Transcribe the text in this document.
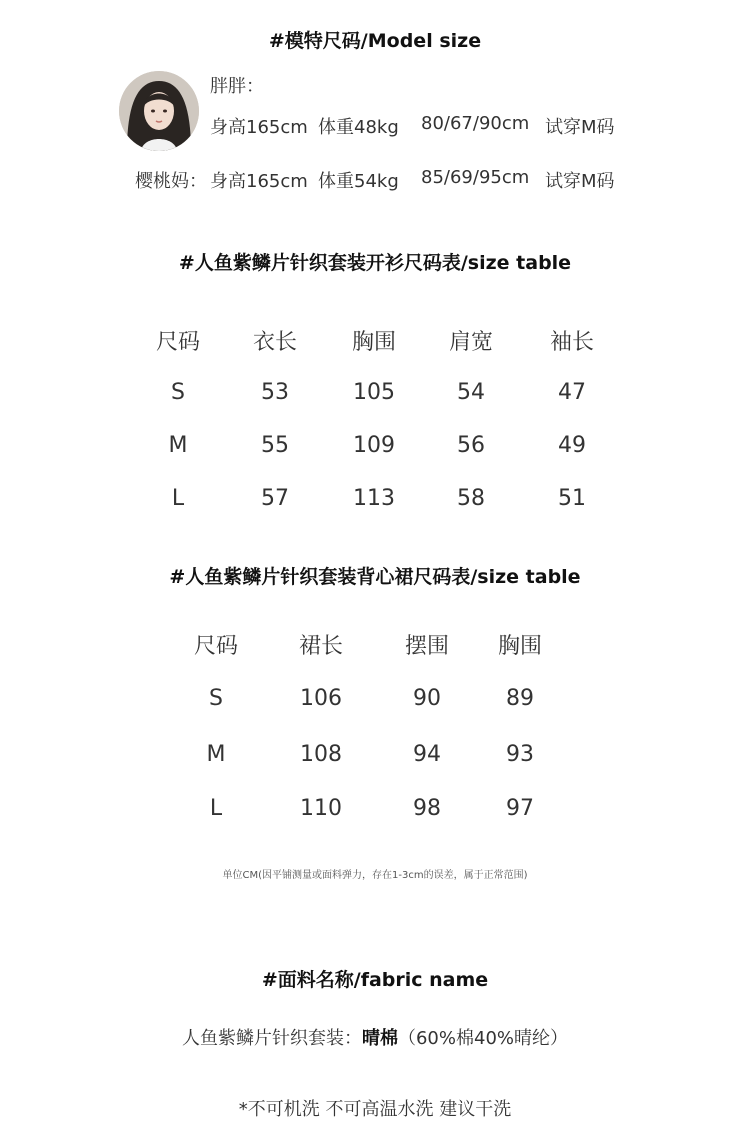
#模特尺码/Model size
胖胖：
身高165cm 体重48kg 80/67/90cm 试穿M码
樱桃妈： 身高165cm 体重54kg 85/69/95cm 试穿M码
#人鱼紫鳞片针织套装开衫尺码表/size table
尺码	衣长	胸围	肩宽	袖长
S	53	105	54	47
M	55	109	56	49
L	57	113	58	51
#人鱼紫鳞片针织套装背心裙尺码表/size table
尺码	裙长	摆围	胸围
S	106	90	89
M	108	94	93
L	110	98	97
单位CM(因平铺测量或面料弹力，存在1-3cm的误差，属于正常范围)
#面料名称/fabric name
人鱼紫鳞片针织套装：晴棉（60%棉40%晴纶）
*不可机洗 不可高温水洗 建议干洗
